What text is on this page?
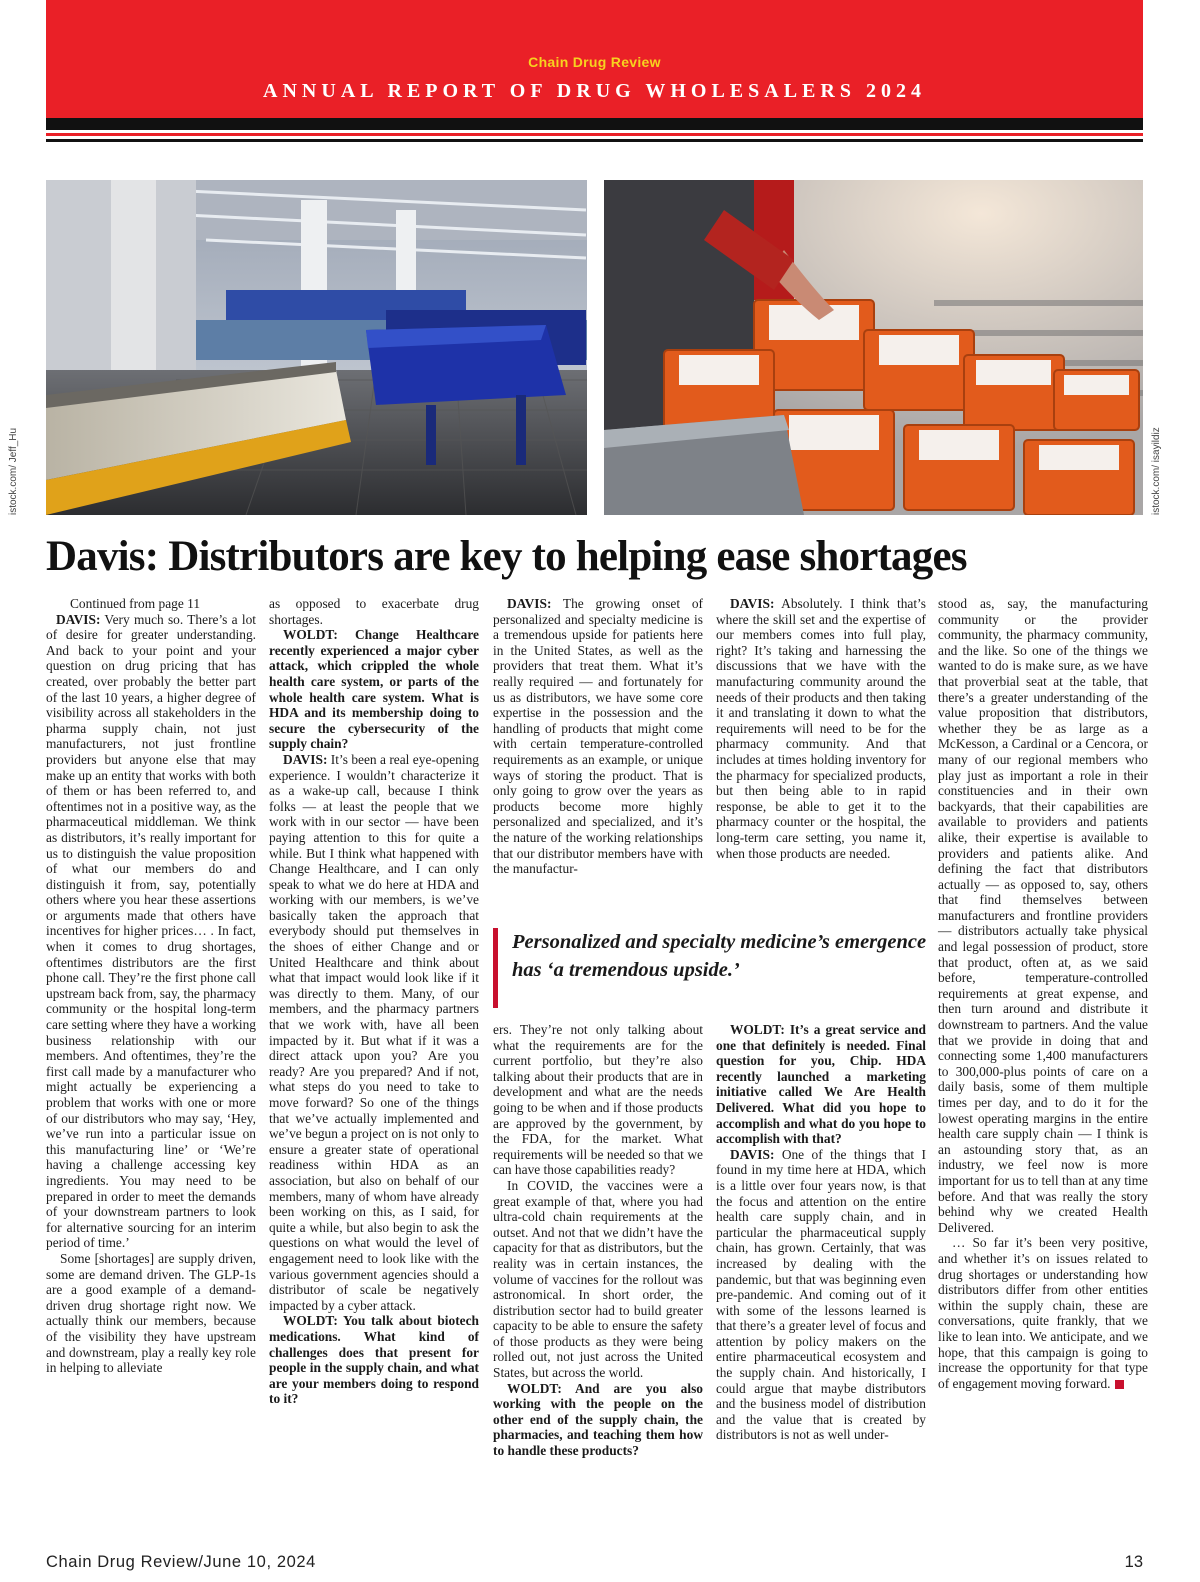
Chain Drug Review
ANNUAL REPORT OF DRUG WHOLESALERS 2024
istock.com/ Jeff_Hu	istock.com/ isayildiz
Davis: Distributors are key to helping ease shortages

Continued from page 11

DAVIS: Very much so. There’s a lot of desire for greater understanding. And back to your point and your question on drug pricing that has created, over probably the better part of the last 10 years, a higher degree of visibility across all stakeholders in the pharma supply chain, not just manufacturers, not just frontline providers but anyone else that may make up an entity that works with both of them or has been referred to, and oftentimes not in a positive way, as the pharmaceutical middleman. We think as distributors, it’s really important for us to distinguish the value proposition of what our members do and distinguish it from, say, potentially others where you hear these assertions or arguments made that others have incentives for higher prices… . In fact, when it comes to drug shortages, oftentimes distributors are the first phone call. They’re the first phone call upstream back from, say, the pharmacy community or the hospital long-term care setting where they have a working business relationship with our members. And oftentimes, they’re the first call made by a manufacturer who might actually be experiencing a problem that works with one or more of our distributors who may say, ‘Hey, we’ve run into a particular issue on this manufacturing line’ or ‘We’re having a challenge accessing key ingredients. You may need to be prepared in order to meet the demands of your downstream partners to look for alternative sourcing for an interim period of time.’

Some [shortages] are supply driven, some are demand driven. The GLP-1s are a good example of a demand-driven drug shortage right now. We actually think our members, because of the visibility they have upstream and downstream, play a really key role in helping to alleviate

as opposed to exacerbate drug shortages.

WOLDT: Change Healthcare recently experienced a major cyber attack, which crippled the whole health care system, or parts of the whole health care system. What is HDA and its membership doing to secure the cybersecurity of the supply chain?

DAVIS: It’s been a real eye-opening experience. I wouldn’t characterize it as a wake-up call, because I think folks — at least the people that we work with in our sector — have been paying attention to this for quite a while. But I think what happened with Change Healthcare, and I can only speak to what we do here at HDA and working with our members, is we’ve basically taken the approach that everybody should put themselves in the shoes of either Change and or United Healthcare and think about what that impact would look like if it was directly to them. Many, of our members, and the pharmacy partners that we work with, have all been impacted by it. But what if it was a direct attack upon you? Are you ready? Are you prepared? And if not, what steps do you need to take to move forward? So one of the things that we’ve actually implemented and we’ve begun a project on is not only to ensure a greater state of operational readiness within HDA as an association, but also on behalf of our members, many of whom have already been working on this, as I said, for quite a while, but also begin to ask the questions on what would the level of engagement need to look like with the various government agencies should a distributor of scale be negatively impacted by a cyber attack.

WOLDT: You talk about biotech medications. What kind of challenges does that present for people in the supply chain, and what are your members doing to respond to it?

DAVIS: The growing onset of personalized and specialty medicine is a tremendous upside for patients here in the United States, as well as the providers that treat them. What it’s really required — and fortunately for us as distributors, we have some core expertise in the possession and the handling of products that might come with certain temperature-controlled requirements as an example, or unique ways of storing the product. That is only going to grow over the years as products become more highly personalized and specialized, and it’s the nature of the working relationships that our distributor members have with the manufactur-

DAVIS: Absolutely. I think that’s where the skill set and the expertise of our members comes into full play, right? It’s taking and harnessing the discussions that we have with the manufacturing community around the needs of their products and then taking it and translating it down to what the requirements will need to be for the pharmacy community. And that includes at times holding inventory for the pharmacy for specialized products, but then being able to in rapid response, be able to get it to the pharmacy counter or the hospital, the long-term care setting, you name it, when those products are needed.

Personalized and specialty medicine’s emergence has ‘a tremendous upside.’

ers. They’re not only talking about what the requirements are for the current portfolio, but they’re also talking about their products that are in development and what are the needs going to be when and if those products are approved by the government, by the FDA, for the market. What requirements will be needed so that we can have those capabilities ready?

In COVID, the vaccines were a great example of that, where you had ultra-cold chain requirements at the outset. And not that we didn’t have the capacity for that as distributors, but the reality was in certain instances, the volume of vaccines for the rollout was astronomical. In short order, the distribution sector had to build greater capacity to be able to ensure the safety of those products as they were being rolled out, not just across the United States, but across the world.

WOLDT: And are you also working with the people on the other end of the supply chain, the pharmacies, and teaching them how to handle these products?

WOLDT: It’s a great service and one that definitely is needed. Final question for you, Chip. HDA recently launched a marketing initiative called We Are Health Delivered. What did you hope to accomplish and what do you hope to accomplish with that?

DAVIS: One of the things that I found in my time here at HDA, which is a little over four years now, is that the focus and attention on the entire health care supply chain, and in particular the pharmaceutical supply chain, has grown. Certainly, that was increased by dealing with the pandemic, but that was beginning even pre-pandemic. And coming out of it with some of the lessons learned is that there’s a greater level of focus and attention by policy makers on the entire pharmaceutical ecosystem and the supply chain. And historically, I could argue that maybe distributors and the business model of distribution and the value that is created by distributors is not as well under-

stood as, say, the manufacturing community or the provider community, the pharmacy community, and the like. So one of the things we wanted to do is make sure, as we have that proverbial seat at the table, that there’s a greater understanding of the value proposition that distributors, whether they be as large as a McKesson, a Cardinal or a Cencora, or many of our regional members who play just as important a role in their constituencies and in their own backyards, that their capabilities are available to providers and patients alike, their expertise is available to providers and patients alike. And defining the fact that distributors actually — as opposed to, say, others that find themselves between manufacturers and frontline providers — distributors actually take physical and legal possession of product, store that product, often at, as we said before, temperature-controlled requirements at great expense, and then turn around and distribute it downstream to partners. And the value that we provide in doing that and connecting some 1,400 manufacturers to 300,000-plus points of care on a daily basis, some of them multiple times per day, and to do it for the lowest operating margins in the entire health care supply chain — I think is an astounding story that, as an industry, we feel now is more important for us to tell than at any time before. And that was really the story behind why we created Health Delivered.

… So far it’s been very positive, and whether it’s on issues related to drug shortages or understanding how distributors differ from other entities within the supply chain, these are conversations, quite frankly, that we like to lean into. We anticipate, and we hope, that this campaign is going to increase the opportunity for that type of engagement moving forward.

Chain Drug Review/June 10, 2024	13
